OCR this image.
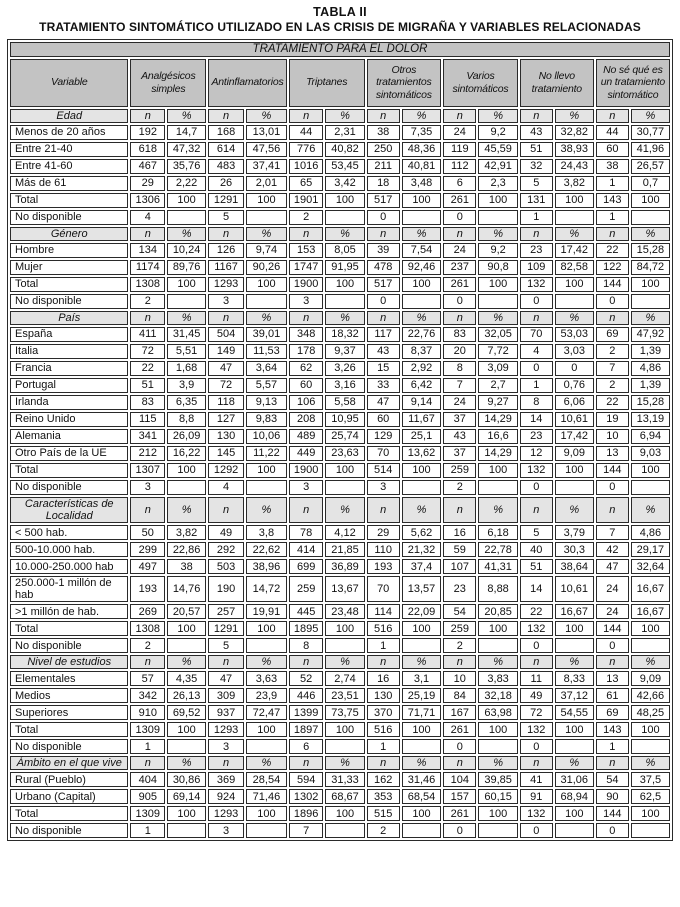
TABLA II

TRATAMIENTO SINTOMÁTICO UTILIZADO EN LAS CRISIS DE MIGRAÑA Y VARIABLES RELACIONADAS

TRATAMIENTO PARA EL DOLOR														
Variable	Analgésicos simples		Antinflamatorios		Triptanes		Otros tratamientos sintomáticos		Varios sintomáticos		No llevo tratamiento		No sé qué es un tratamiento sintomático	
Edad	n	%	n	%	n	%	n	%	n	%	n	%	n	%
Menos de 20 años	192	14,7	168	13,01	44	2,31	38	7,35	24	9,2	43	32,82	44	30,77
Entre 21-40	618	47,32	614	47,56	776	40,82	250	48,36	119	45,59	51	38,93	60	41,96
Entre 41-60	467	35,76	483	37,41	1016	53,45	211	40,81	112	42,91	32	24,43	38	26,57
Más de 61	29	2,22	26	2,01	65	3,42	18	3,48	6	2,3	5	3,82	1	0,7
Total	1306	100	1291	100	1901	100	517	100	261	100	131	100	143	100
No disponible	4		5		2		0		0		1		1	
Género	n	%	n	%	n	%	n	%	n	%	n	%	n	%
Hombre	134	10,24	126	9,74	153	8,05	39	7,54	24	9,2	23	17,42	22	15,28
Mujer	1174	89,76	1167	90,26	1747	91,95	478	92,46	237	90,8	109	82,58	122	84,72
Total	1308	100	1293	100	1900	100	517	100	261	100	132	100	144	100
No disponible	2		3		3		0		0		0		0	
País	n	%	n	%	n	%	n	%	n	%	n	%	n	%
España	411	31,45	504	39,01	348	18,32	117	22,76	83	32,05	70	53,03	69	47,92
Italia	72	5,51	149	11,53	178	9,37	43	8,37	20	7,72	4	3,03	2	1,39
Francia	22	1,68	47	3,64	62	3,26	15	2,92	8	3,09	0	0	7	4,86
Portugal	51	3,9	72	5,57	60	3,16	33	6,42	7	2,7	1	0,76	2	1,39
Irlanda	83	6,35	118	9,13	106	5,58	47	9,14	24	9,27	8	6,06	22	15,28
Reino Unido	115	8,8	127	9,83	208	10,95	60	11,67	37	14,29	14	10,61	19	13,19
Alemania	341	26,09	130	10,06	489	25,74	129	25,1	43	16,6	23	17,42	10	6,94
Otro País de la UE	212	16,22	145	11,22	449	23,63	70	13,62	37	14,29	12	9,09	13	9,03
Total	1307	100	1292	100	1900	100	514	100	259	100	132	100	144	100
No disponible	3		4		3		3		2		0		0	
Características de Localidad	n	%	n	%	n	%	n	%	n	%	n	%	n	%
< 500 hab.	50	3,82	49	3,8	78	4,12	29	5,62	16	6,18	5	3,79	7	4,86
500-10.000 hab.	299	22,86	292	22,62	414	21,85	110	21,32	59	22,78	40	30,3	42	29,17
10.000-250.000 hab	497	38	503	38,96	699	36,89	193	37,4	107	41,31	51	38,64	47	32,64
250.000-1 millón de hab	193	14,76	190	14,72	259	13,67	70	13,57	23	8,88	14	10,61	24	16,67
>1 millón de hab.	269	20,57	257	19,91	445	23,48	114	22,09	54	20,85	22	16,67	24	16,67
Total	1308	100	1291	100	1895	100	516	100	259	100	132	100	144	100
No disponible	2		5		8		1		2		0		0	
Nivel de estudios	n	%	n	%	n	%	n	%	n	%	n	%	n	%
Elementales	57	4,35	47	3,63	52	2,74	16	3,1	10	3,83	11	8,33	13	9,09
Medios	342	26,13	309	23,9	446	23,51	130	25,19	84	32,18	49	37,12	61	42,66
Superiores	910	69,52	937	72,47	1399	73,75	370	71,71	167	63,98	72	54,55	69	48,25
Total	1309	100	1293	100	1897	100	516	100	261	100	132	100	143	100
No disponible	1		3		6		1		0		0		1	
Ámbito en el que vive	n	%	n	%	n	%	n	%	n	%	n	%	n	%
Rural (Pueblo)	404	30,86	369	28,54	594	31,33	162	31,46	104	39,85	41	31,06	54	37,5
Urbano (Capital)	905	69,14	924	71,46	1302	68,67	353	68,54	157	60,15	91	68,94	90	62,5
Total	1309	100	1293	100	1896	100	515	100	261	100	132	100	144	100
No disponible	1		3		7		2		0		0		0	
